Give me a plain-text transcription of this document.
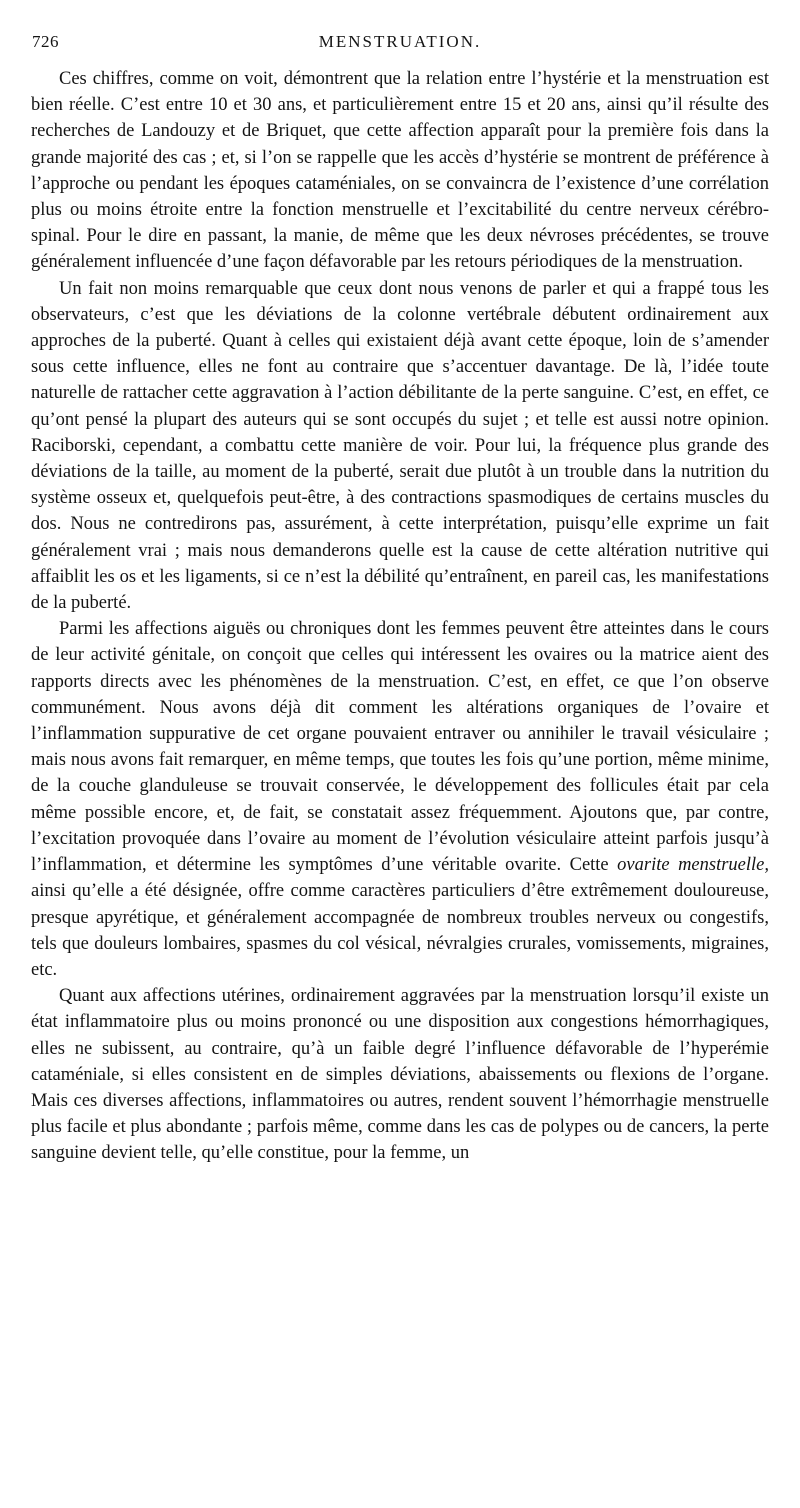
726	MENSTRUATION.

Ces chiffres, comme on voit, démontrent que la relation entre l’hystérie et la menstruation est bien réelle. C’est entre 10 et 30 ans, et particulièrement entre 15 et 20 ans, ainsi qu’il résulte des recherches de Landouzy et de Briquet, que cette affection apparaît pour la première fois dans la grande majorité des cas ; et, si l’on se rappelle que les accès d’hystérie se montrent de préférence à l’approche ou pendant les époques cataméniales, on se convaincra de l’existence d’une corrélation plus ou moins étroite entre la fonction menstruelle et l’excitabilité du centre nerveux cérébro-spinal. Pour le dire en passant, la manie, de même que les deux névroses précédentes, se trouve généralement influencée d’une façon défavorable par les retours périodiques de la menstruation.

Un fait non moins remarquable que ceux dont nous venons de parler et qui a frappé tous les observateurs, c’est que les déviations de la colonne vertébrale débutent ordinairement aux approches de la puberté. Quant à celles qui existaient déjà avant cette époque, loin de s’amender sous cette influence, elles ne font au contraire que s’accentuer davantage. De là, l’idée toute naturelle de rattacher cette aggravation à l’action débilitante de la perte sanguine. C’est, en effet, ce qu’ont pensé la plupart des auteurs qui se sont occupés du sujet ; et telle est aussi notre opinion. Raciborski, cependant, a combattu cette manière de voir. Pour lui, la fréquence plus grande des déviations de la taille, au moment de la puberté, serait due plutôt à un trouble dans la nutrition du système osseux et, quelquefois peut-être, à des contractions spasmodiques de certains muscles du dos. Nous ne contredirons pas, assurément, à cette interprétation, puisqu’elle exprime un fait généralement vrai ; mais nous demanderons quelle est la cause de cette altération nutritive qui affaiblit les os et les ligaments, si ce n’est la débilité qu’entraînent, en pareil cas, les manifestations de la puberté.

Parmi les affections aiguës ou chroniques dont les femmes peuvent être atteintes dans le cours de leur activité génitale, on conçoit que celles qui intéressent les ovaires ou la matrice aient des rapports directs avec les phénomènes de la menstruation. C’est, en effet, ce que l’on observe communément. Nous avons déjà dit comment les altérations organiques de l’ovaire et l’inflammation suppurative de cet organe pouvaient entraver ou annihiler le travail vésiculaire ; mais nous avons fait remarquer, en même temps, que toutes les fois qu’une portion, même minime, de la couche glanduleuse se trouvait conservée, le développement des follicules était par cela même possible encore, et, de fait, se constatait assez fréquemment. Ajoutons que, par contre, l’excitation provoquée dans l’ovaire au moment de l’évolution vésiculaire atteint parfois jusqu’à l’inflammation, et détermine les symptômes d’une véritable ovarite. Cette ovarite menstruelle, ainsi qu’elle a été désignée, offre comme caractères particuliers d’être extrêmement douloureuse, presque apyrétique, et généralement accompagnée de nombreux troubles nerveux ou congestifs, tels que douleurs lombaires, spasmes du col vésical, névralgies crurales, vomissements, migraines, etc.

Quant aux affections utérines, ordinairement aggravées par la menstruation lorsqu’il existe un état inflammatoire plus ou moins prononcé ou une disposition aux congestions hémorrhagiques, elles ne subissent, au contraire, qu’à un faible degré l’influence défavorable de l’hyperémie cataméniale, si elles consistent en de simples déviations, abaissements ou flexions de l’organe. Mais ces diverses affections, inflammatoires ou autres, rendent souvent l’hémorrhagie menstruelle plus facile et plus abondante ; parfois même, comme dans les cas de polypes ou de cancers, la perte sanguine devient telle, qu’elle constitue, pour la femme, un
